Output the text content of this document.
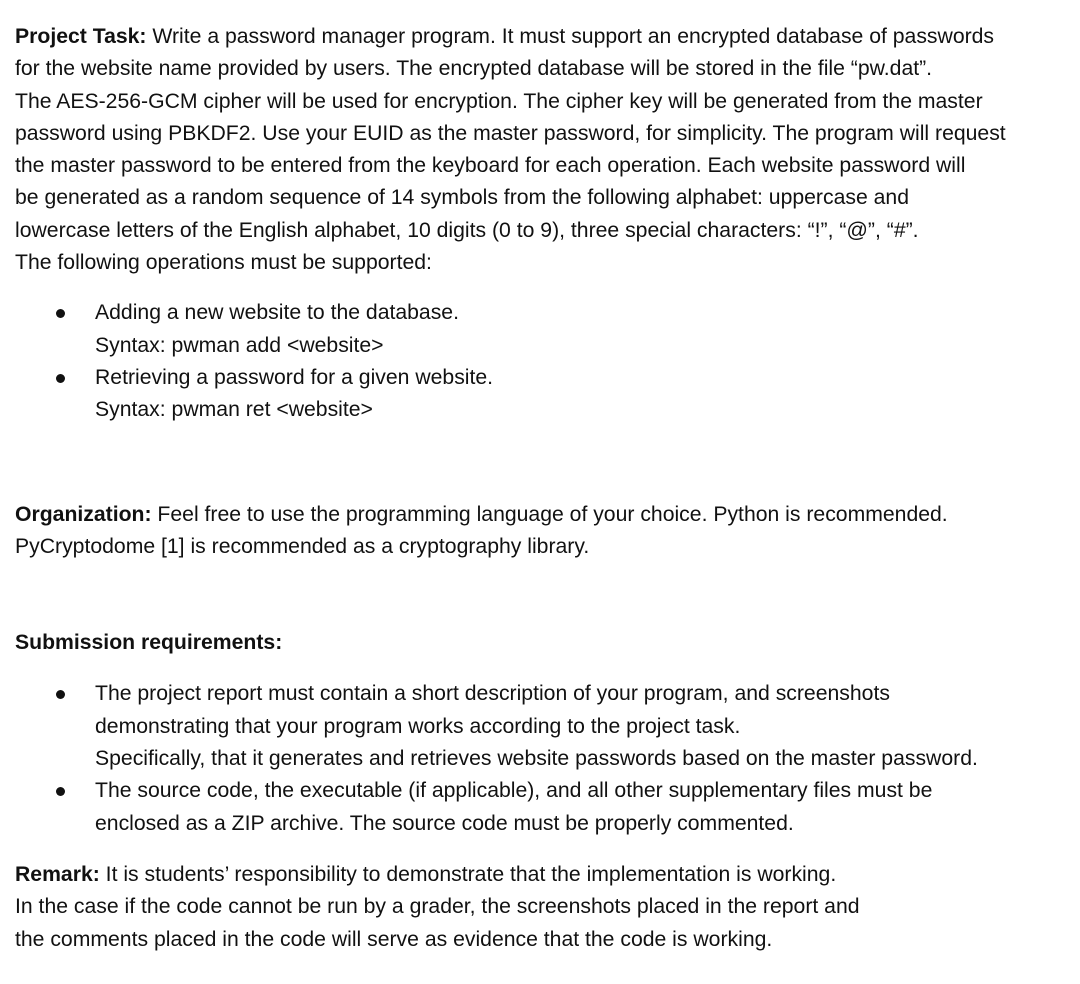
Project Task: Write a password manager program. It must support an encrypted database of passwords
for the website name provided by users. The encrypted database will be stored in the file “pw.dat”.
The AES-256-GCM cipher will be used for encryption. The cipher key will be generated from the master
password using PBKDF2. Use your EUID as the master password, for simplicity. The program will request
the master password to be entered from the keyboard for each operation. Each website password will
be generated as a random sequence of 14 symbols from the following alphabet: uppercase and
lowercase letters of the English alphabet, 10 digits (0 to 9), three special characters: “!”, “@”, “#”.
The following operations must be supported:

Adding a new website to the database.
Syntax: pwman add <website>
Retrieving a password for a given website.
Syntax: pwman ret <website>

Organization: Feel free to use the programming language of your choice. Python is recommended.
PyCryptodome [1] is recommended as a cryptography library.

Submission requirements:

The project report must contain a short description of your program, and screenshots
demonstrating that your program works according to the project task.
Specifically, that it generates and retrieves website passwords based on the master password.
The source code, the executable (if applicable), and all other supplementary files must be
enclosed as a ZIP archive. The source code must be properly commented.

Remark: It is students’ responsibility to demonstrate that the implementation is working.
In the case if the code cannot be run by a grader, the screenshots placed in the report and
the comments placed in the code will serve as evidence that the code is working.
